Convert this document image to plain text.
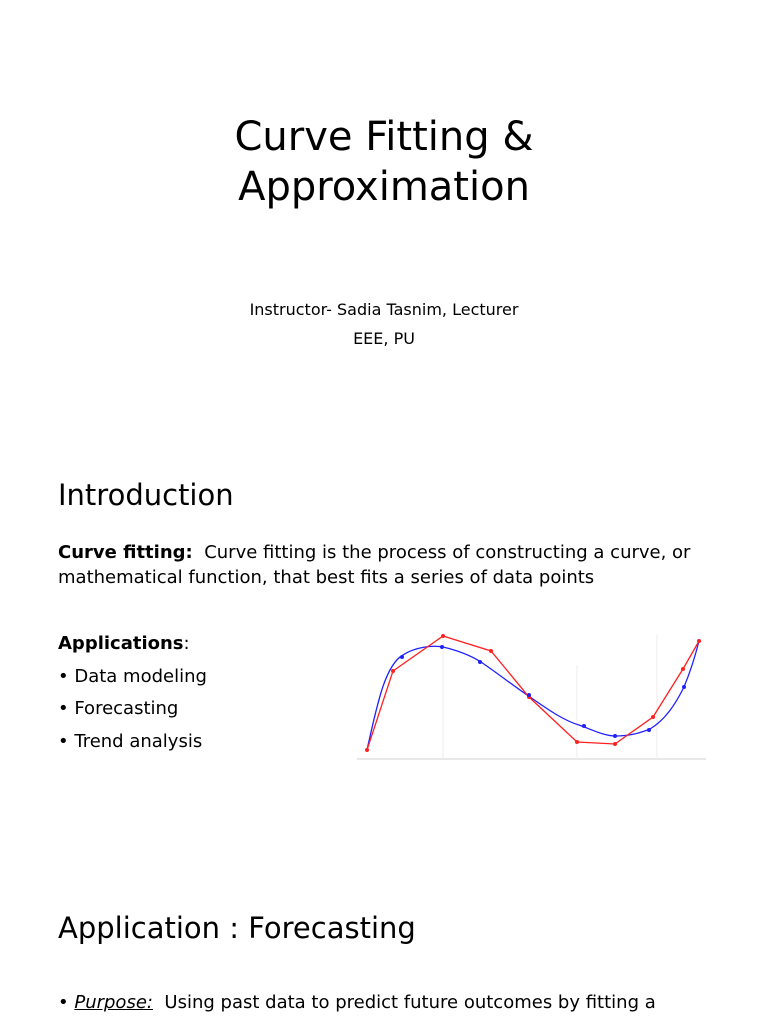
Curve Fitting &
Approximation
Instructor- Sadia Tasnim, Lecturer
EEE, PU
Introduction
Curve fitting: Curve fitting is the process of constructing a curve, or mathematical function, that best fits a series of data points
Applications:
• Data modeling
• Forecasting
• Trend analysis
Application : Forecasting
• Purpose: Using past data to predict future outcomes by fitting a
